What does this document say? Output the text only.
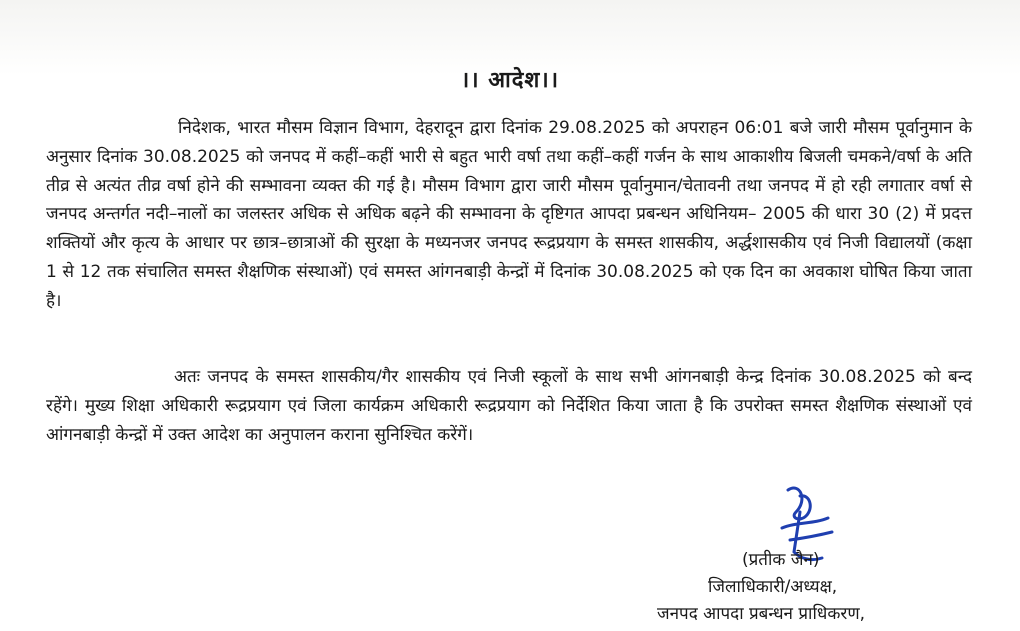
।। आदेश।।

निदेशक, भारत मौसम विज्ञान विभाग, देहरादून द्वारा दिनांक 29.08.2025 को अपराहन 06:01 बजे जारी मौसम पूर्वानुमान के अनुसार दिनांक 30.08.2025 को जनपद में कहीं–कहीं भारी से बहुत भारी वर्षा तथा कहीं–कहीं गर्जन के साथ आकाशीय बिजली चमकने/वर्षा के अति तीव्र से अत्यंत तीव्र वर्षा होने की सम्भावना व्यक्त की गई है। मौसम विभाग द्वारा जारी मौसम पूर्वानुमान/चेतावनी तथा जनपद में हो रही लगातार वर्षा से जनपद अन्तर्गत नदी–नालों का जलस्तर अधिक से अधिक बढ़ने की सम्भावना के दृष्टिगत आपदा प्रबन्धन अधिनियम– 2005 की धारा 30 (2) में प्रदत्त शक्तियों और कृत्य के आधार पर छात्र–छात्राओं की सुरक्षा के मध्यनजर जनपद रूद्रप्रयाग के समस्त शासकीय, अर्द्धशासकीय एवं निजी विद्यालयों (कक्षा 1 से 12 तक संचालित समस्त शैक्षणिक संस्थाओं) एवं समस्त आंगनबाड़ी केन्द्रों में दिनांक 30.08.2025 को एक दिन का अवकाश घोषित किया जाता है।

अतः जनपद के समस्त शासकीय/गैर शासकीय एवं निजी स्कूलों के साथ सभी आंगनबाड़ी केन्द्र दिनांक 30.08.2025 को बन्द रहेंगे। मुख्य शिक्षा अधिकारी रूद्रप्रयाग एवं जिला कार्यक्रम अधिकारी रूद्रप्रयाग को निर्देशित किया जाता है कि उपरोक्त समस्त शैक्षणिक संस्थाओं एवं आंगनबाड़ी केन्द्रों में उक्त आदेश का अनुपालन कराना सुनिश्चित करेंगें।

(प्रतीक जैन)
जिलाधिकारी/अध्यक्ष,
जनपद आपदा प्रबन्धन प्राधिकरण,
